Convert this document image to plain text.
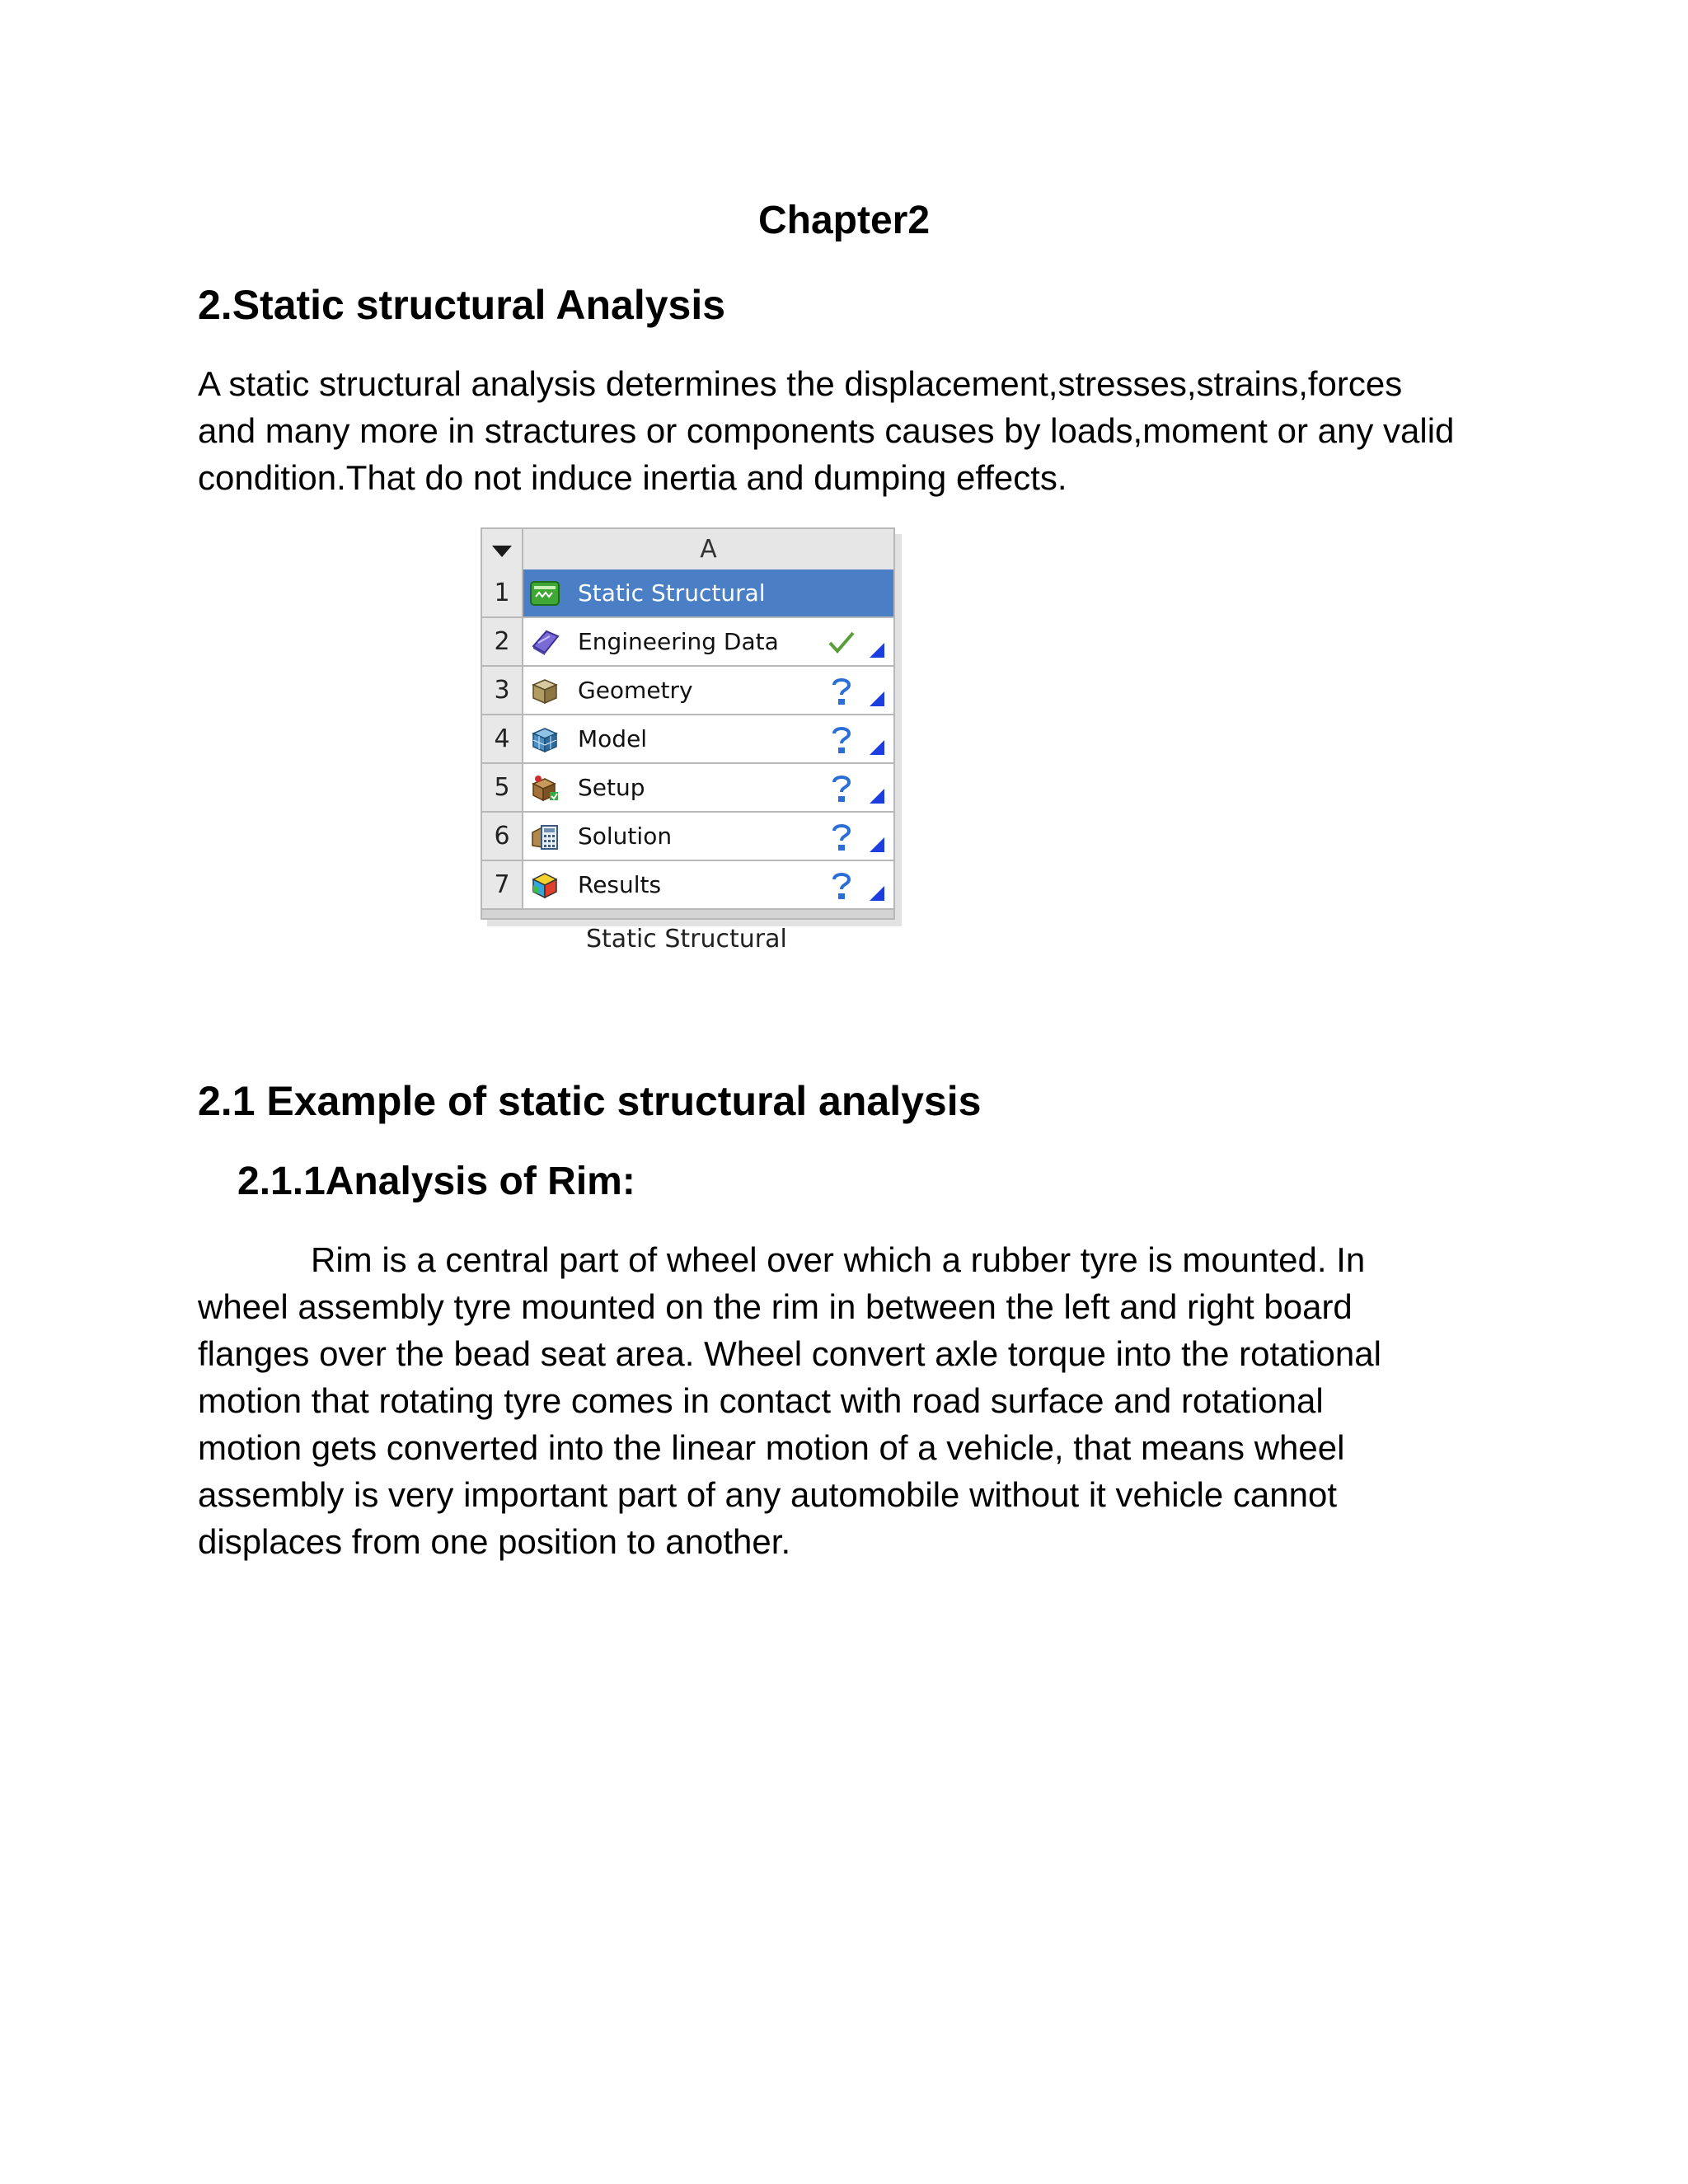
Chapter2
2.Static structural Analysis

A static structural analysis determines the displacement,stresses,strains,forces
and many more in stractures or components causes by loads,moment or any valid
condition.That do not induce inertia and dumping effects.

A
1	Static Structural
2	Engineering Data
3	Geometry
4	Model
5	Setup
6	Solution
7	Results
Static Structural
2.1 Example of static structural analysis
2.1.1Analysis of Rim:

Rim is a central part of wheel over which a rubber tyre is mounted. In
wheel assembly tyre mounted on the rim in between the left and right board
flanges over the bead seat area. Wheel convert axle torque into the rotational
motion that rotating tyre comes in contact with road surface and rotational
motion gets converted into the linear motion of a vehicle, that means wheel
assembly is very important part of any automobile without it vehicle cannot
displaces from one position to another.
